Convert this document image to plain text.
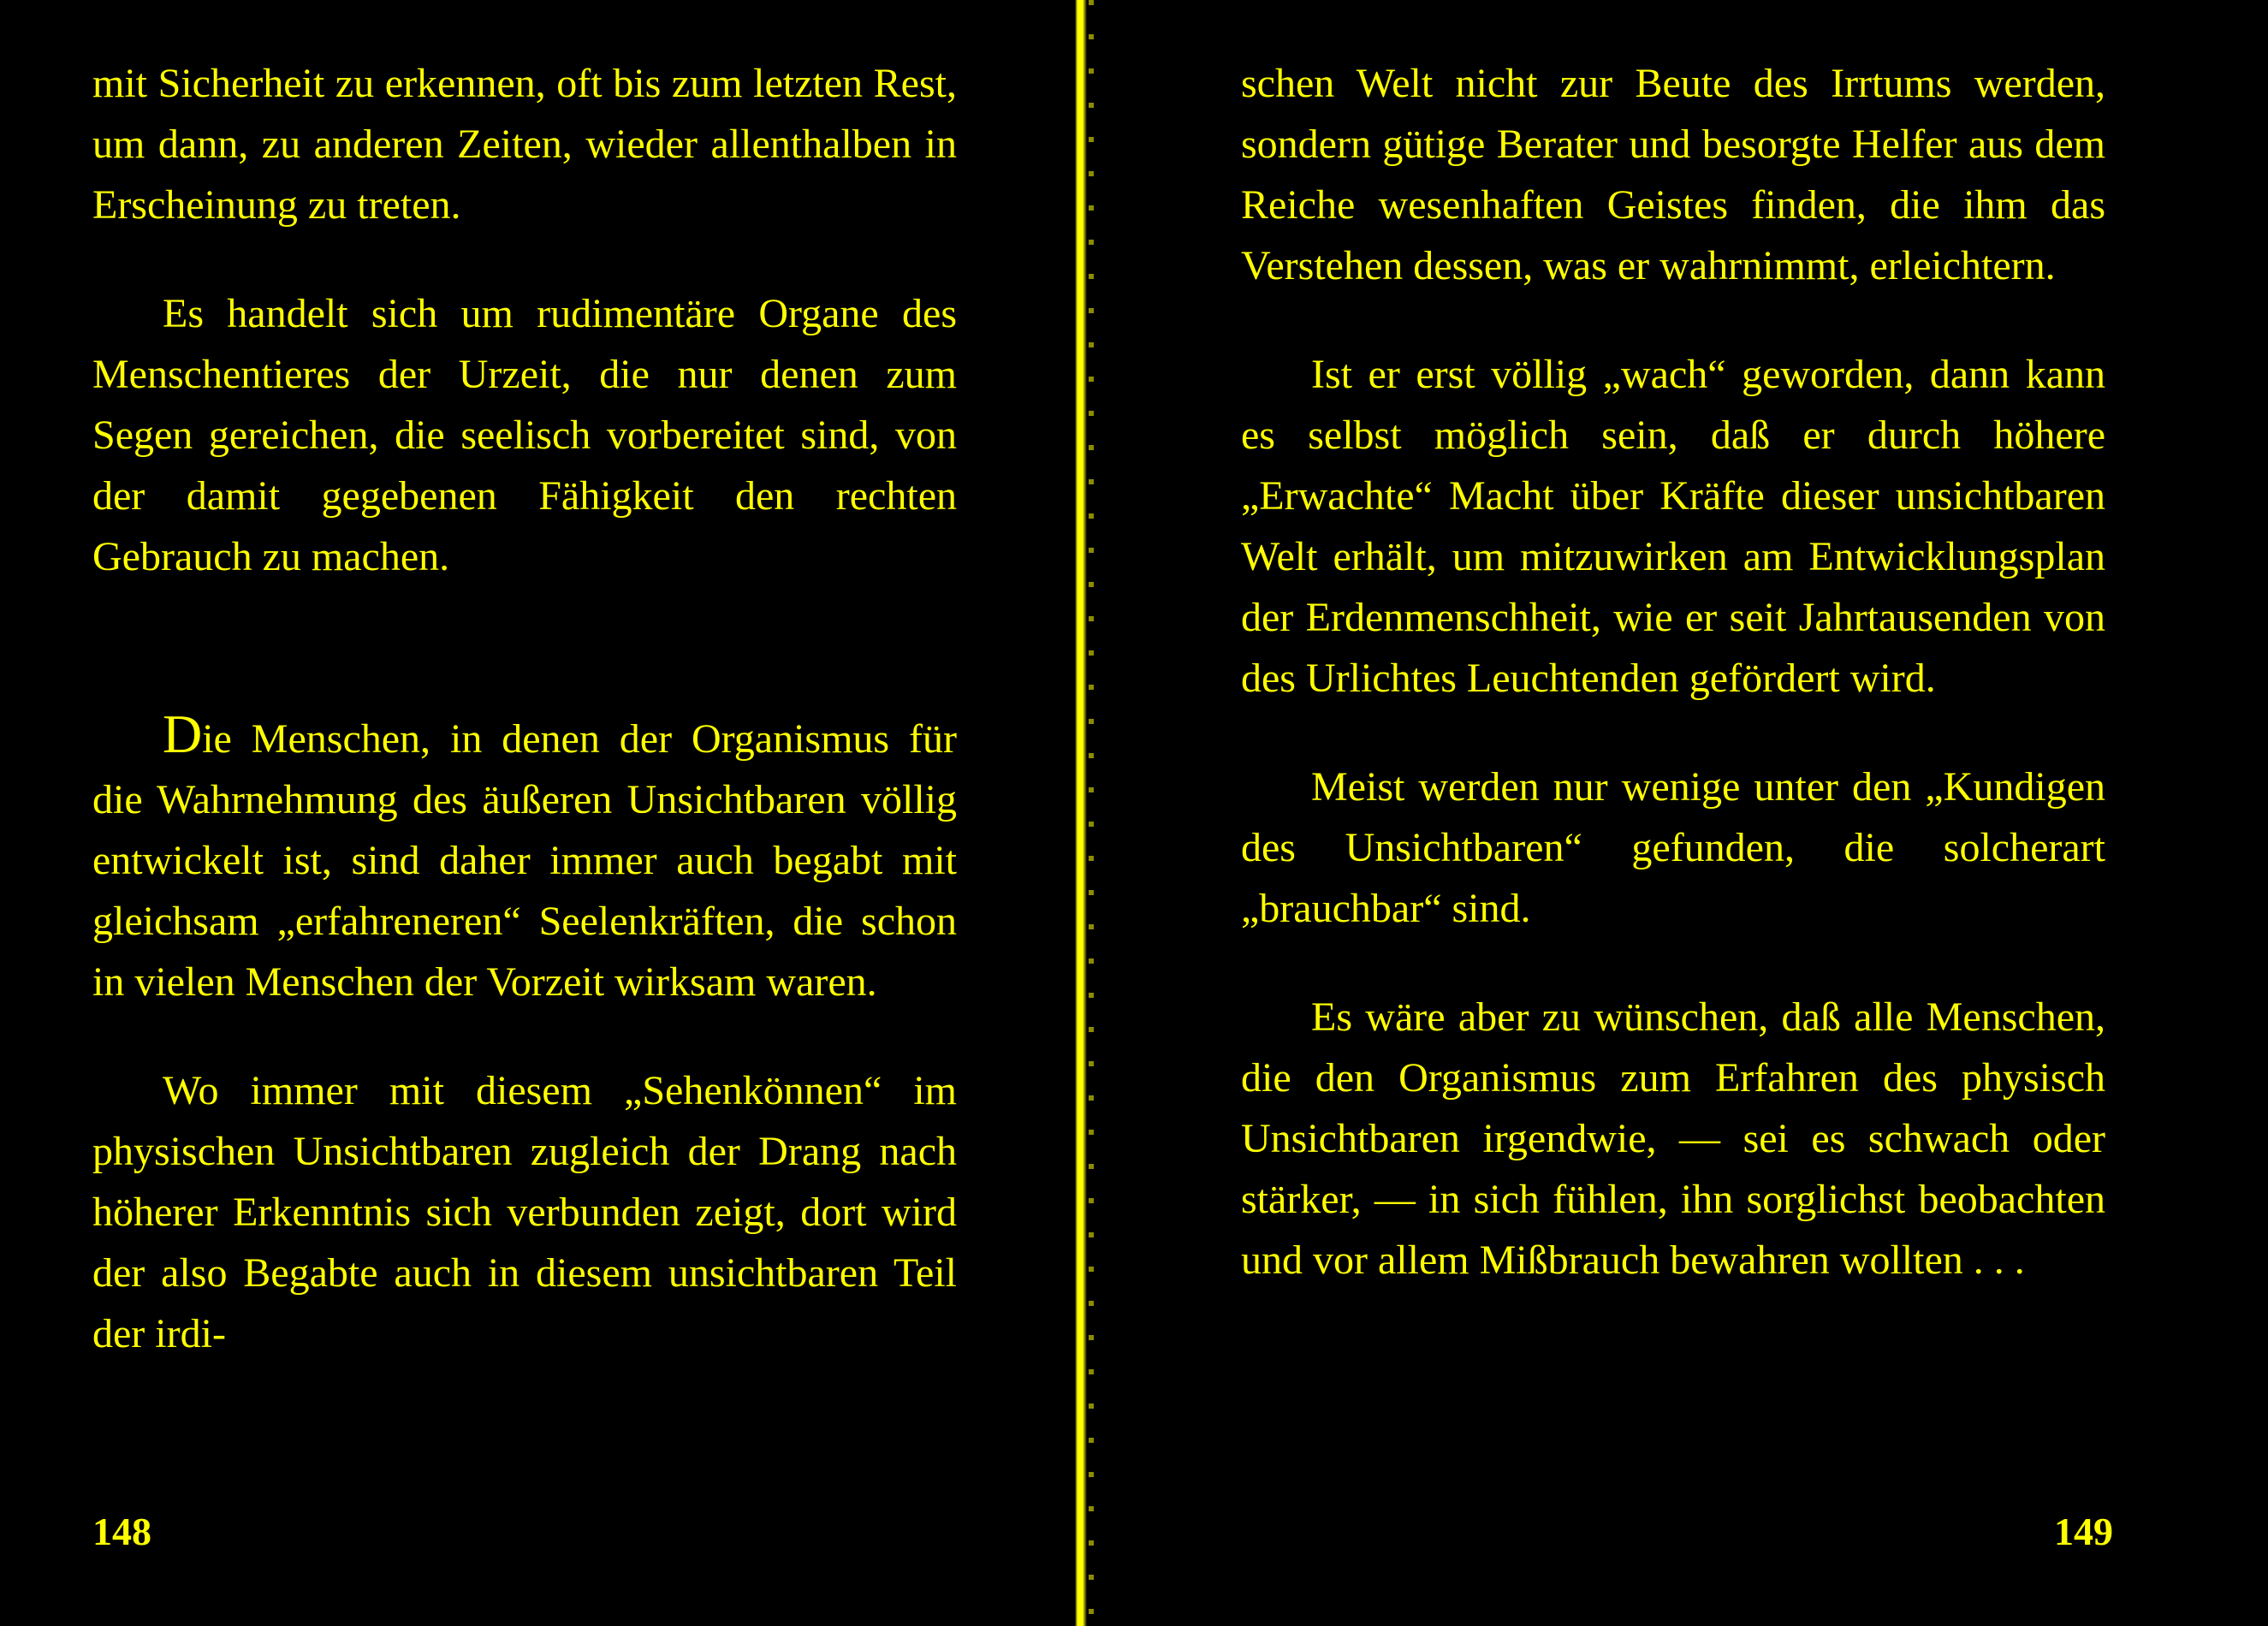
mit Sicherheit zu erkennen, oft bis zum letzten Rest, um dann, zu anderen Zeiten, wieder allenthalben in Erscheinung zu treten.

Es handelt sich um rudimentäre Organe des Menschentieres der Urzeit, die nur denen zum Segen gereichen, die seelisch vorbereitet sind, von der damit gegebenen Fähigkeit den rechten Gebrauch zu machen.

Die Menschen, in denen der Organismus für die Wahrnehmung des äußeren Unsichtbaren völlig entwickelt ist, sind daher immer auch begabt mit gleichsam „erfahreneren“ Seelenkräften, die schon in vielen Menschen der Vorzeit wirksam waren.

Wo immer mit diesem „Sehenkönnen“ im physischen Unsichtbaren zugleich der Drang nach höherer Erkenntnis sich verbunden zeigt, dort wird der also Begabte auch in diesem unsichtbaren Teil der irdi-

148

schen Welt nicht zur Beute des Irrtums werden, sondern gütige Berater und besorgte Helfer aus dem Reiche wesenhaften Geistes finden, die ihm das Verstehen dessen, was er wahrnimmt, erleichtern.

Ist er erst völlig „wach“ geworden, dann kann es selbst möglich sein, daß er durch höhere „Erwachte“ Macht über Kräfte dieser unsichtbaren Welt erhält, um mitzuwirken am Entwicklungsplan der Erdenmenschheit, wie er seit Jahrtausenden von des Urlichtes Leuchtenden gefördert wird.

Meist werden nur wenige unter den „Kundigen des Unsichtbaren“ gefunden, die solcherart „brauchbar“ sind.

Es wäre aber zu wünschen, daß alle Menschen, die den Organismus zum Erfahren des physisch Unsichtbaren irgendwie, — sei es schwach oder stärker, — in sich fühlen, ihn sorglichst beobachten und vor allem Mißbrauch bewahren wollten . . .

149
